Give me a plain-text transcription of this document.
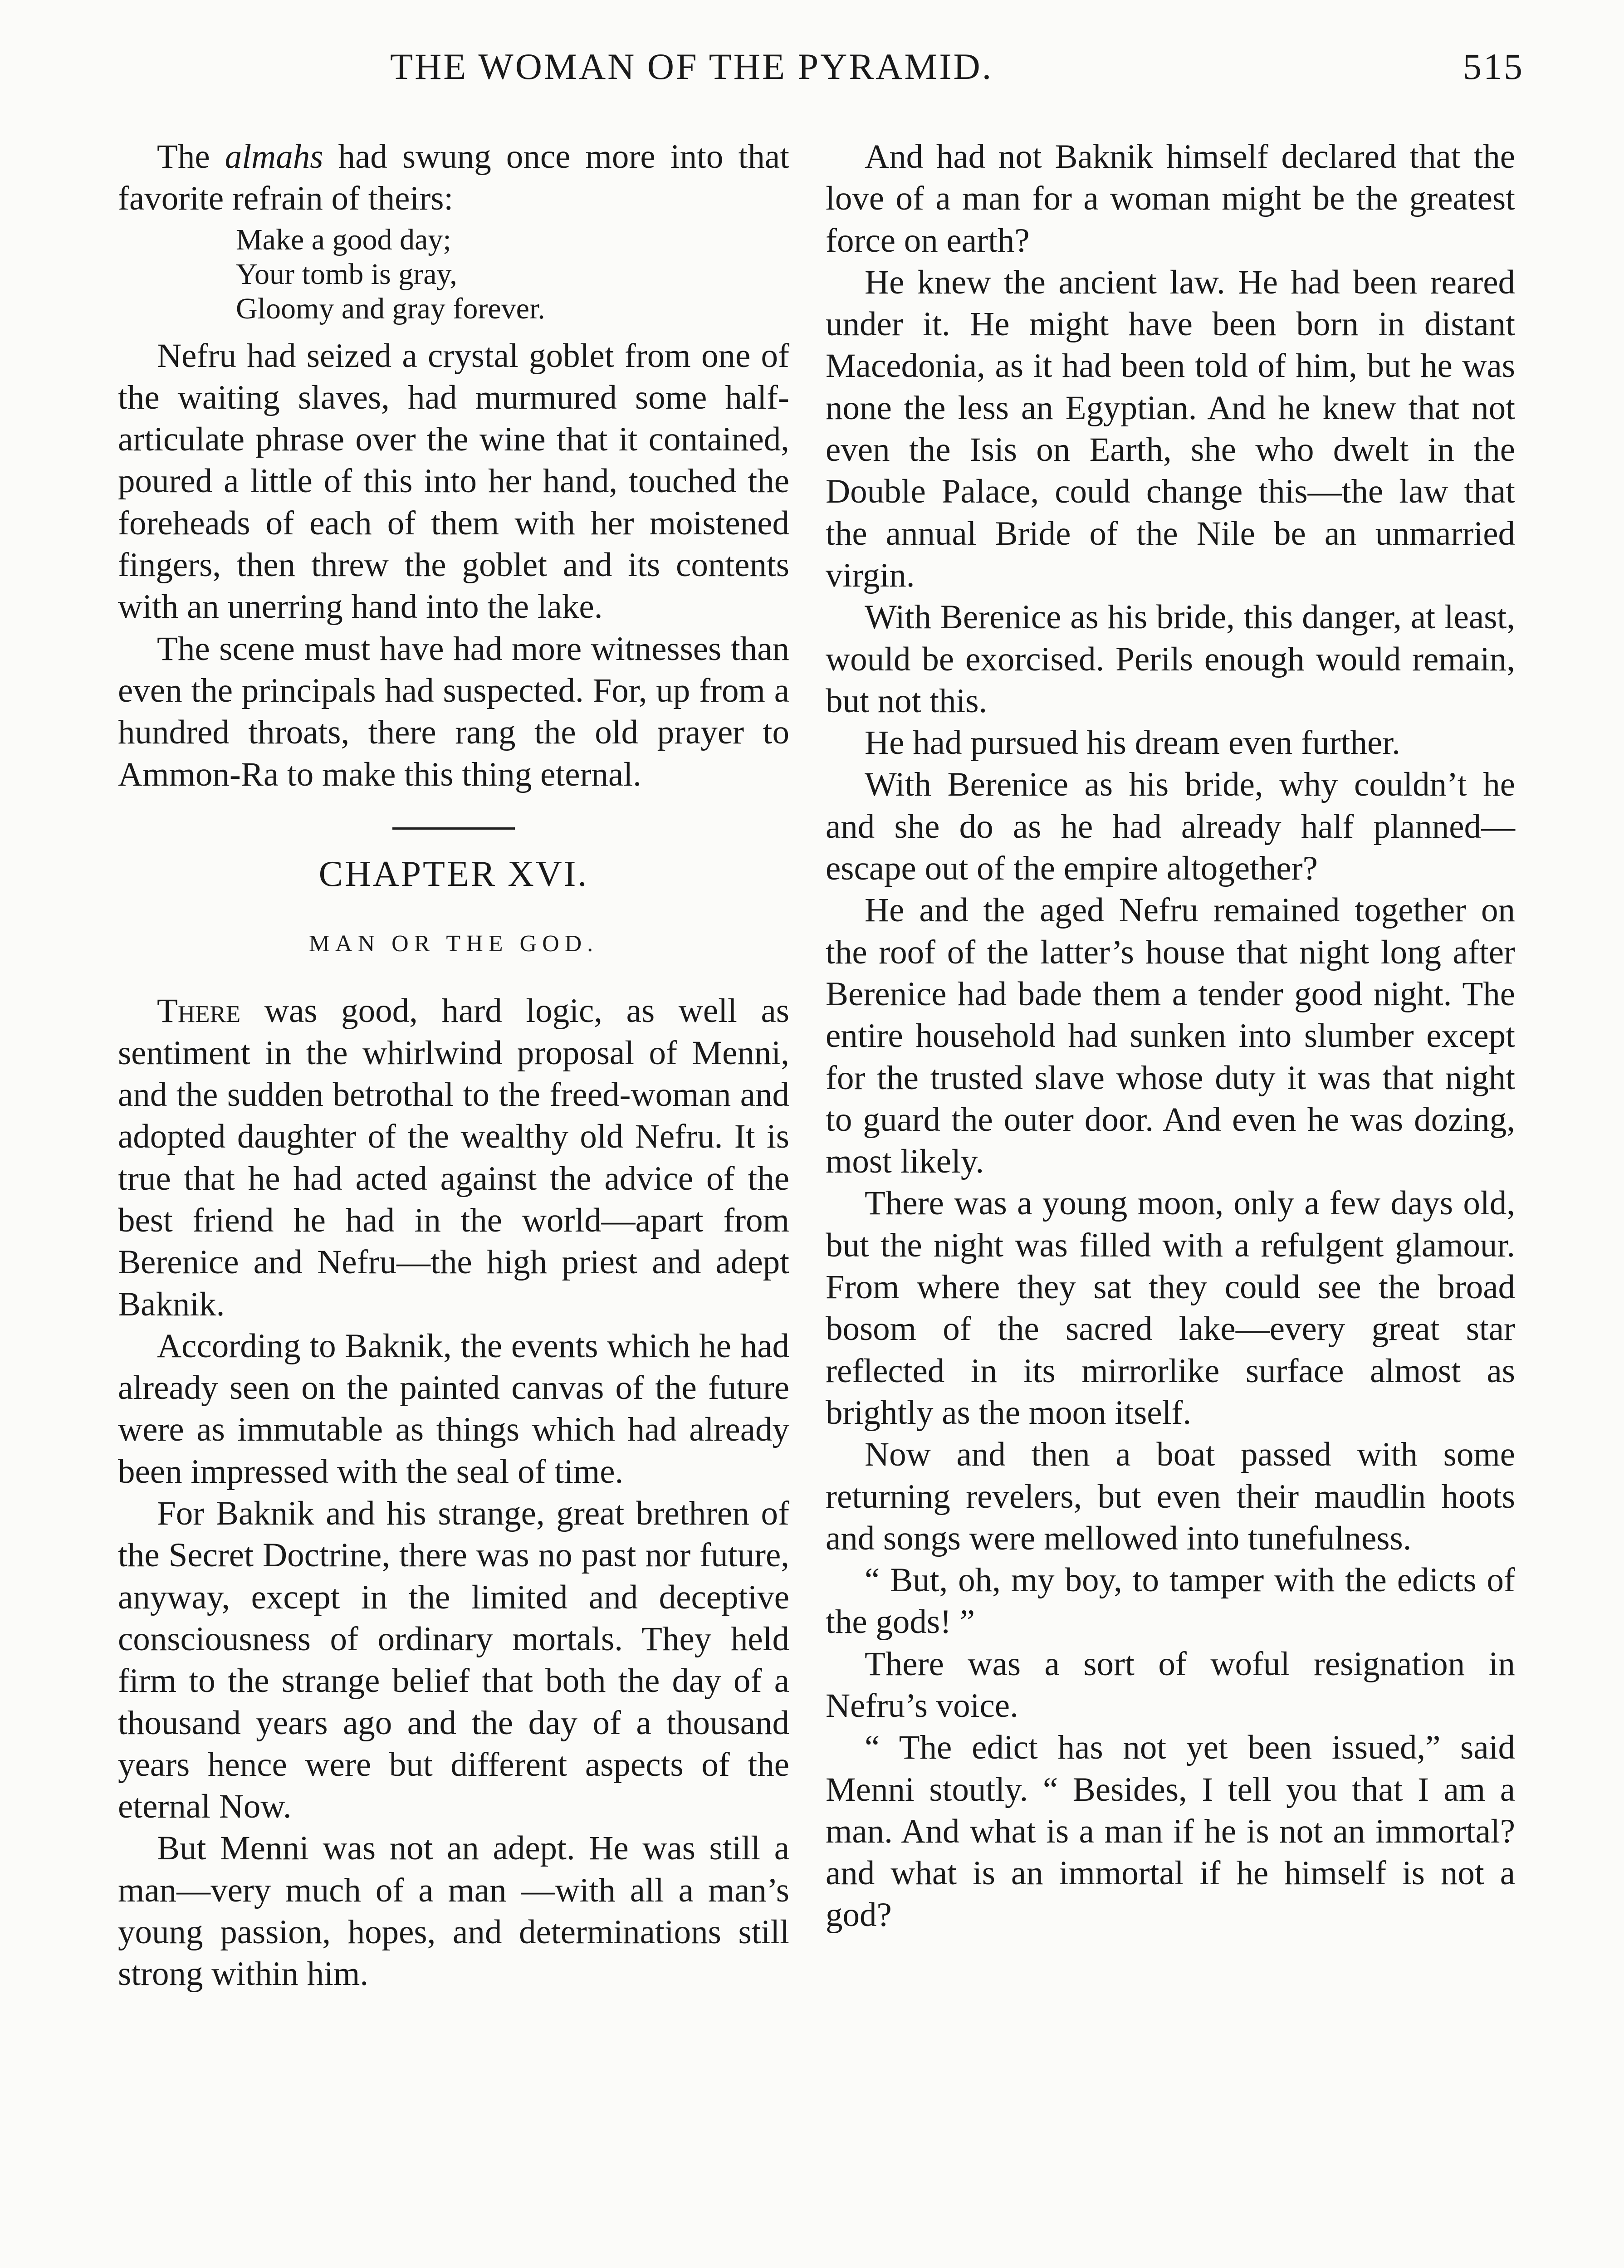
THE WOMAN OF THE PYRAMID.	515

The almahs had swung once more into that favorite refrain of theirs:

Make a good day;
Your tomb is gray,
Gloomy and gray forever.

Nefru had seized a crystal goblet from one of the waiting slaves, had murmured some half-articulate phrase over the wine that it contained, poured a little of this into her hand, touched the foreheads of each of them with her moistened fingers, then threw the goblet and its contents with an unerring hand into the lake.

The scene must have had more witnesses than even the principals had suspected. For, up from a hundred throats, there rang the old prayer to Ammon-Ra to make this thing eternal.

CHAPTER XVI.
MAN OR THE GOD.

There was good, hard logic, as well as sentiment in the whirlwind proposal of Menni, and the sudden betrothal to the freed-woman and adopted daughter of the wealthy old Nefru. It is true that he had acted against the advice of the best friend he had in the world—apart from Berenice and Nefru—the high priest and adept Baknik.

According to Baknik, the events which he had already seen on the painted canvas of the future were as immutable as things which had already been impressed with the seal of time.

For Baknik and his strange, great brethren of the Secret Doctrine, there was no past nor future, anyway, except in the limited and deceptive consciousness of ordinary mortals. They held firm to the strange belief that both the day of a thousand years ago and the day of a thousand years hence were but different aspects of the eternal Now.

But Menni was not an adept. He was still a man—very much of a man —with all a man’s young passion, hopes, and determinations still strong within him.

And had not Baknik himself declared that the love of a man for a woman might be the greatest force on earth?

He knew the ancient law. He had been reared under it. He might have been born in distant Macedonia, as it had been told of him, but he was none the less an Egyptian. And he knew that not even the Isis on Earth, she who dwelt in the Double Palace, could change this—the law that the annual Bride of the Nile be an unmarried virgin.

With Berenice as his bride, this danger, at least, would be exorcised. Perils enough would remain, but not this.

He had pursued his dream even further.

With Berenice as his bride, why couldn’t he and she do as he had already half planned—escape out of the empire altogether?

He and the aged Nefru remained together on the roof of the latter’s house that night long after Berenice had bade them a tender good night. The entire household had sunken into slumber except for the trusted slave whose duty it was that night to guard the outer door. And even he was dozing, most likely.

There was a young moon, only a few days old, but the night was filled with a refulgent glamour. From where they sat they could see the broad bosom of the sacred lake—every great star reflected in its mirrorlike surface almost as brightly as the moon itself.

Now and then a boat passed with some returning revelers, but even their maudlin hoots and songs were mellowed into tunefulness.

“ But, oh, my boy, to tamper with the edicts of the gods! ”

There was a sort of woful resignation in Nefru’s voice.

“ The edict has not yet been issued,” said Menni stoutly. “ Besides, I tell you that I am a man. And what is a man if he is not an immortal? and what is an immortal if he himself is not a god?
